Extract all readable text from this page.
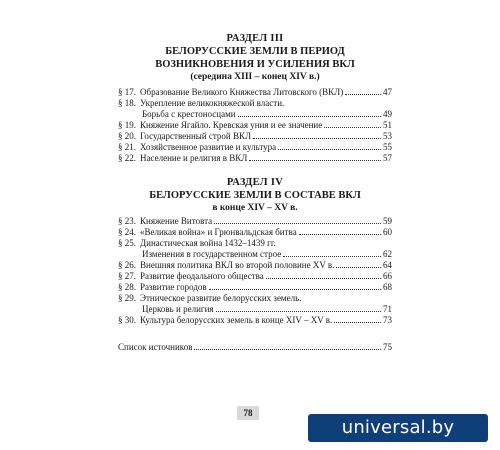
РАЗДЕЛ III
БЕЛОРУССКИЕ ЗЕМЛИ В ПЕРИОД
ВОЗНИКНОВЕНИЯ И УСИЛЕНИЯ ВКЛ
(середина XIII – конец XIV в.)
§ 17. Образование Великого Княжества Литовского (ВКЛ)	47
§ 18. Укрепление великокняжеской власти.
Борьба с крестоносцами	49
§ 19. Княжение Ягайло. Кревская уния и ее значение	51
§ 20. Государственный строй ВКЛ	53
§ 21. Хозяйственное развитие и культура	55
§ 22. Население и религия в ВКЛ	57
РАЗДЕЛ IV
БЕЛОРУССКИЕ ЗЕМЛИ В СОСТАВЕ ВКЛ
в конце XIV – XV в.
§ 23. Княжение Витовта	59
§ 24. «Великая война» и Грюнвальдская битва	60
§ 25. Династическая война 1432–1439 гг.
Изменения в государственном строе	62
§ 26. Внешняя политика ВКЛ во второй половине XV в.	64
§ 27. Развитие феодального общества	66
§ 28. Развитие городов	68
§ 29. Этническое развитие белорусских земель.
Церковь и религия	71
§ 30. Культура белорусских земель в конце XIV – XV в.	73
Список источников	75
78
universal.by
